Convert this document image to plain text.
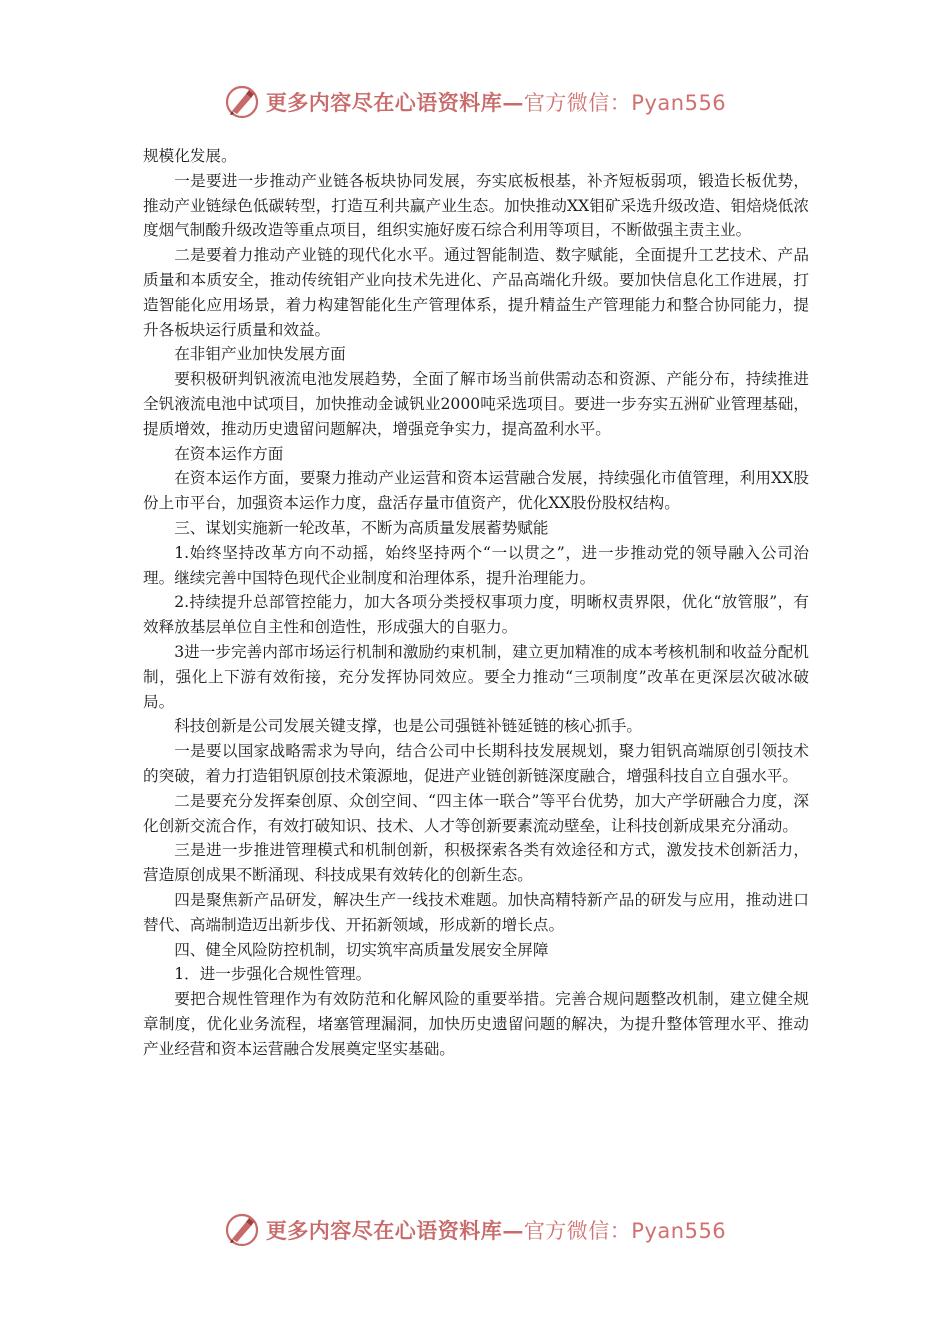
更多内容尽在心语资料库—官方微信：Pyan556

规模化发展。

一是要进一步推动产业链各板块协同发展，夯实底板根基，补齐短板弱项，锻造长板优势，推动产业链绿色低碳转型，打造互利共赢产业生态。加快推动XX钼矿采选升级改造、钼焙烧低浓度烟气制酸升级改造等重点项目，组织实施好废石综合利用等项目，不断做强主责主业。

二是要着力推动产业链的现代化水平。通过智能制造、数字赋能，全面提升工艺技术、产品质量和本质安全，推动传统钼产业向技术先进化、产品高端化升级。要加快信息化工作进展，打造智能化应用场景，着力构建智能化生产管理体系，提升精益生产管理能力和整合协同能力，提升各板块运行质量和效益。

在非钼产业加快发展方面

要积极研判钒液流电池发展趋势，全面了解市场当前供需动态和资源、产能分布，持续推进全钒液流电池中试项目，加快推动金诚钒业2000吨采选项目。要进一步夯实五洲矿业管理基础，提质增效，推动历史遗留问题解决，增强竞争实力，提高盈利水平。

在资本运作方面

在资本运作方面，要聚力推动产业运营和资本运营融合发展，持续强化市值管理，利用XX股份上市平台，加强资本运作力度，盘活存量市值资产，优化XX股份股权结构。

三、谋划实施新一轮改革，不断为高质量发展蓄势赋能

1.始终坚持改革方向不动摇，始终坚持两个“一以贯之”，进一步推动党的领导融入公司治理。继续完善中国特色现代企业制度和治理体系，提升治理能力。

2.持续提升总部管控能力，加大各项分类授权事项力度，明晰权责界限，优化“放管服”，有效释放基层单位自主性和创造性，形成强大的自驱力。

3进一步完善内部市场运行机制和激励约束机制，建立更加精准的成本考核机制和收益分配机制，强化上下游有效衔接，充分发挥协同效应。要全力推动“三项制度”改革在更深层次破冰破局。

科技创新是公司发展关键支撑，也是公司强链补链延链的核心抓手。

一是要以国家战略需求为导向，结合公司中长期科技发展规划，聚力钼钒高端原创引领技术的突破，着力打造钼钒原创技术策源地，促进产业链创新链深度融合，增强科技自立自强水平。

二是要充分发挥秦创原、众创空间、“四主体一联合”等平台优势，加大产学研融合力度，深化创新交流合作，有效打破知识、技术、人才等创新要素流动壁垒，让科技创新成果充分涌动。

三是进一步推进管理模式和机制创新，积极探索各类有效途径和方式，激发技术创新活力，营造原创成果不断涌现、科技成果有效转化的创新生态。

四是聚焦新产品研发，解决生产一线技术难题。加快高精特新产品的研发与应用，推动进口替代、高端制造迈出新步伐、开拓新领域，形成新的增长点。

四、健全风险防控机制，切实筑牢高质量发展安全屏障

1．进一步强化合规性管理。

要把合规性管理作为有效防范和化解风险的重要举措。完善合规问题整改机制，建立健全规章制度，优化业务流程，堵塞管理漏洞，加快历史遗留问题的解决，为提升整体管理水平、推动产业经营和资本运营融合发展奠定坚实基础。

更多内容尽在心语资料库—官方微信：Pyan556
